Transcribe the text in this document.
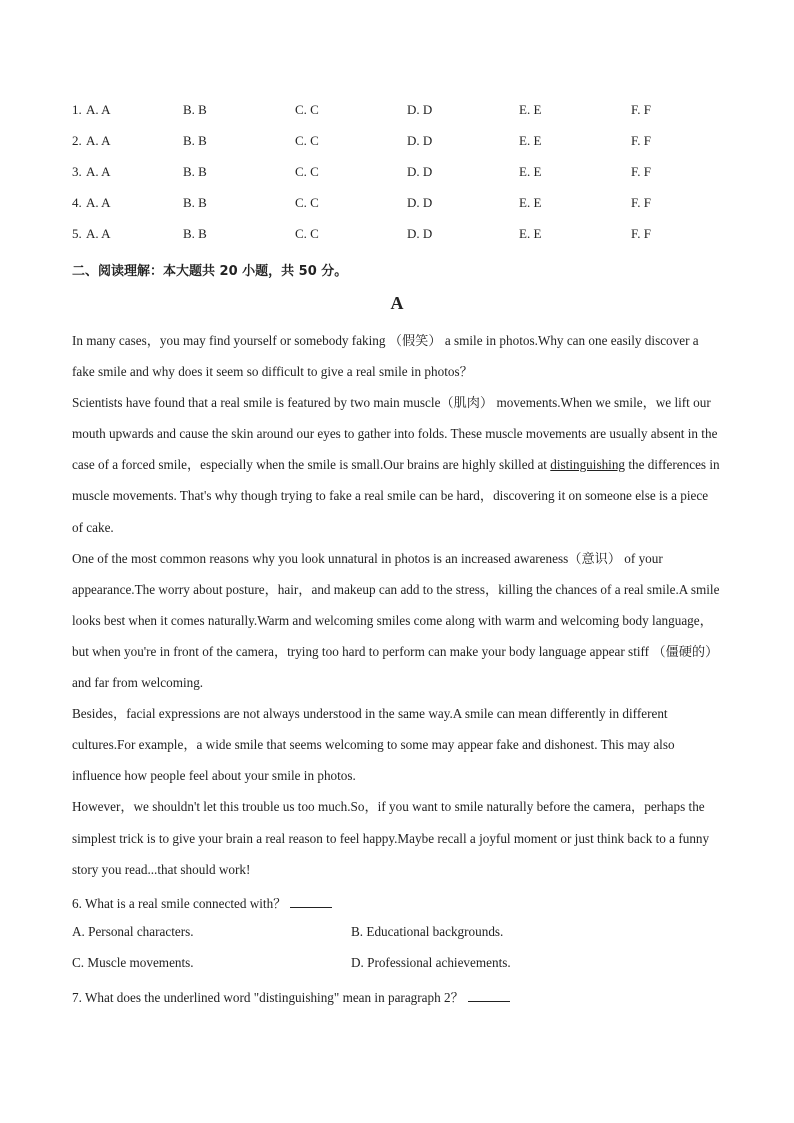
1. A. A	B. B	C. C	D. D	E. E	F. F
2. A. A	B. B	C. C	D. D	E. E	F. F
3. A. A	B. B	C. C	D. D	E. E	F. F
4. A. A	B. B	C. C	D. D	E. E	F. F
5. A. A	B. B	C. C	D. D	E. E	F. F
二、阅读理解：本大题共 20 小题，共 50 分。
A

In many cases，you may find yourself or somebody faking （假笑） a smile in photos.Why can one easily discover a fake smile and why does it seem so difficult to give a real smile in photos？

Scientists have found that a real smile is featured by two main muscle（肌肉） movements.When we smile，we lift our mouth upwards and cause the skin around our eyes to gather into folds. These muscle movements are usually absent in the case of a forced smile，especially when the smile is small.Our brains are highly skilled at distinguishing the differences in muscle movements. That's why though trying to fake a real smile can be hard，discovering it on someone else is a piece of cake.

One of the most common reasons why you look unnatural in photos is an increased awareness（意识） of your appearance.The worry about posture，hair，and makeup can add to the stress，killing the chances of a real smile.A smile looks best when it comes naturally.Warm and welcoming smiles come along with warm and welcoming body language，but when you're in front of the camera，trying too hard to perform can make your body language appear stiff （僵硬的） and far from welcoming.

Besides，facial expressions are not always understood in the same way.A smile can mean differently in different cultures.For example，a wide smile that seems welcoming to some may appear fake and dishonest. This may also influence how people feel about your smile in photos.

However，we shouldn't let this trouble us too much.So，if you want to smile naturally before the camera，perhaps the simplest trick is to give your brain a real reason to feel happy.Maybe recall a joyful moment or just think back to a funny story you read...that should work!

6. What is a real smile connected with？
A. Personal characters.	B. Educational backgrounds.
C. Muscle movements.	D. Professional achievements.
7. What does the underlined word "distinguishing" mean in paragraph 2？
